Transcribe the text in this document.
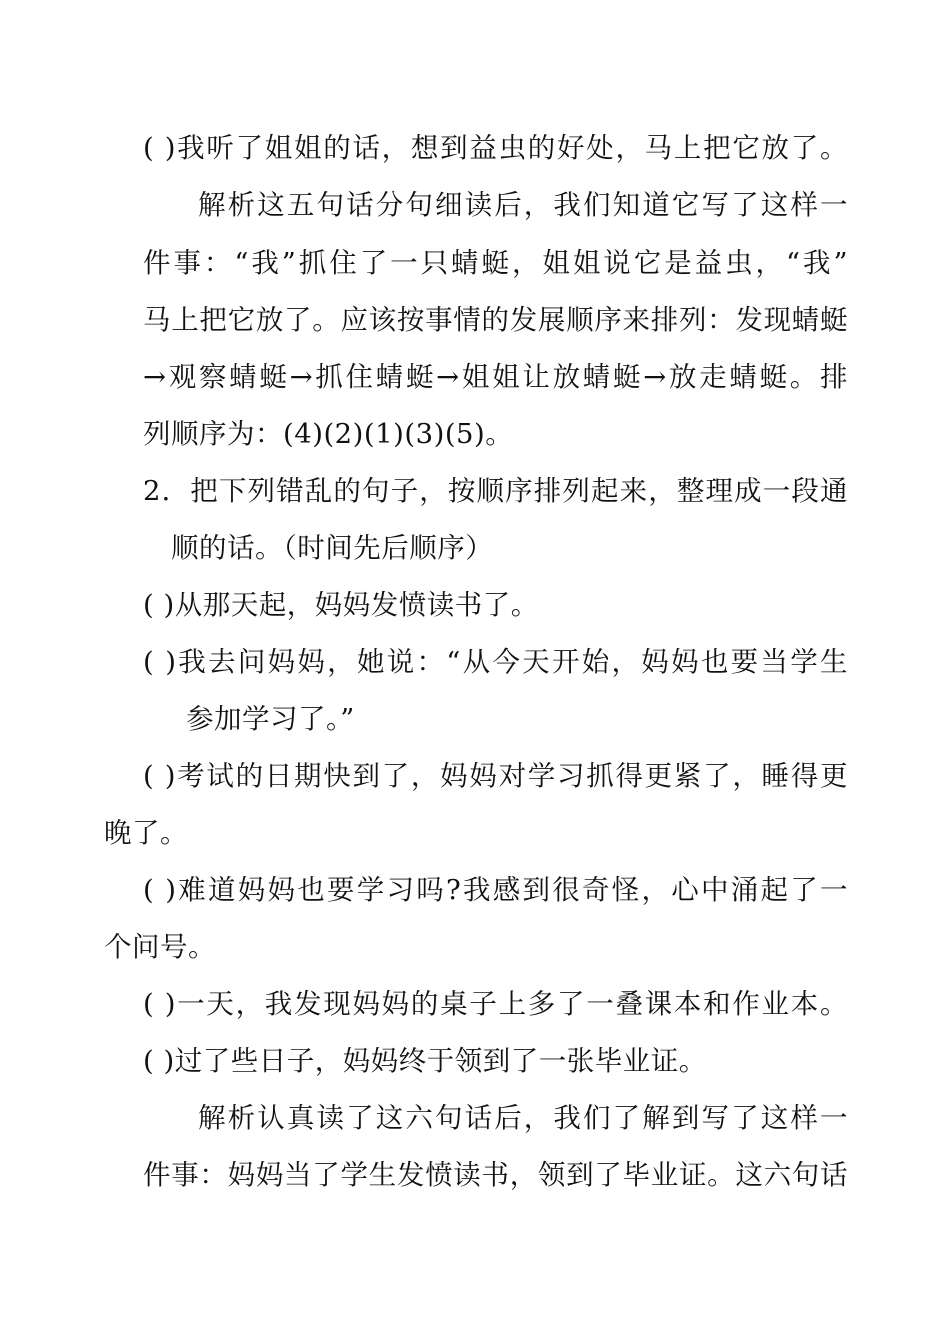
( )我听了姐姐的话，想到益虫的好处，马上把它放了。
解析这五句话分句细读后，我们知道它写了这样一
件事：“我”抓住了一只蜻蜓，姐姐说它是益虫，“我”
马上把它放了。应该按事情的发展顺序来排列：发现蜻蜓
→观察蜻蜓→抓住蜻蜓→姐姐让放蜻蜓→放走蜻蜓。排
列顺序为：(4)(2)(1)(3)(5)。
2．把下列错乱的句子，按顺序排列起来，整理成一段通
顺的话。（时间先后顺序）
( )从那天起，妈妈发愤读书了。
( )我去问妈妈，她说：“从今天开始，妈妈也要当学生
参加学习了。”
( )考试的日期快到了，妈妈对学习抓得更紧了，睡得更
晚了。
( )难道妈妈也要学习吗?我感到很奇怪，心中涌起了一
个问号。
( )一天，我发现妈妈的桌子上多了一叠课本和作业本。
( )过了些日子，妈妈终于领到了一张毕业证。
解析认真读了这六句话后，我们了解到写了这样一
件事：妈妈当了学生发愤读书，领到了毕业证。这六句话
